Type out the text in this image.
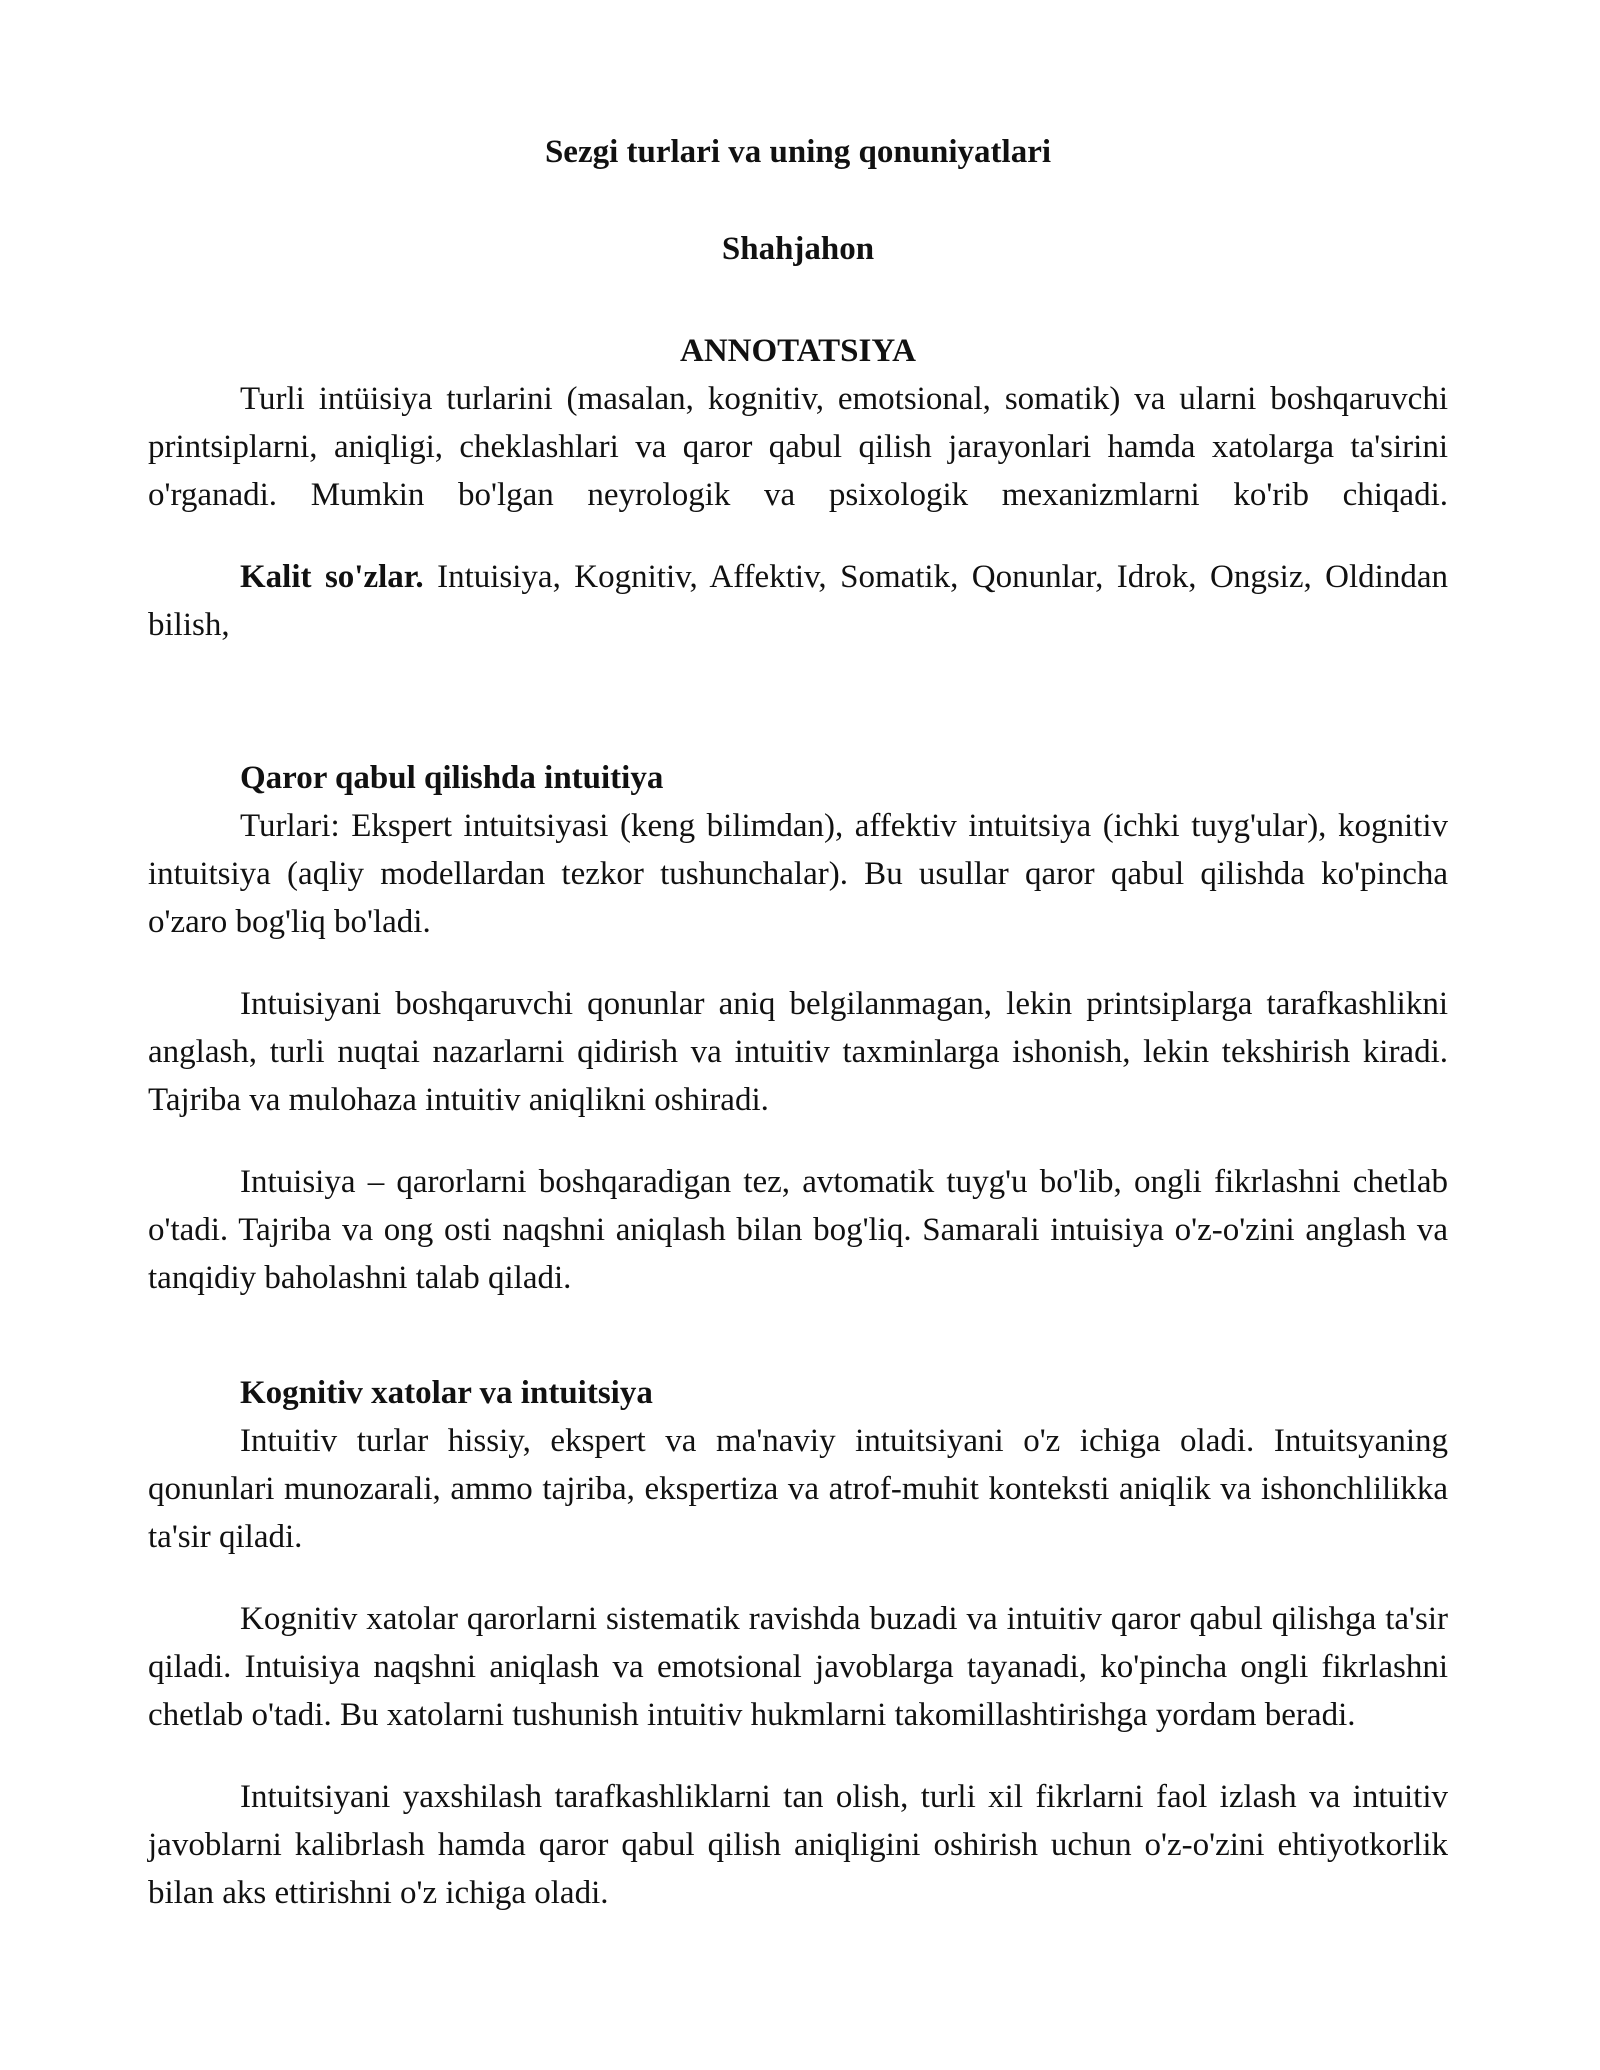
Sezgi turlari va uning qonuniyatlari
Shahjahon
ANNOTATSIYA

Turli intüisiya turlarini (masalan, kognitiv, emotsional, somatik) va ularni boshqaruvchi printsiplarni, aniqligi, cheklashlari va qaror qabul qilish jarayonlari hamda xatolarga ta'sirini o'rganadi. Mumkin bo'lgan neyrologik va psixologik mexanizmlarni ko'rib chiqadi.

Kalit so'zlar. Intuisiya, Kognitiv, Affektiv, Somatik, Qonunlar, Idrok, Ongsiz, Oldindan bilish,

Qaror qabul qilishda intuitiya

Turlari: Ekspert intuitsiyasi (keng bilimdan), affektiv intuitsiya (ichki tuyg'ular), kognitiv intuitsiya (aqliy modellardan tezkor tushunchalar). Bu usullar qaror qabul qilishda ko'pincha o'zaro bog'liq bo'ladi.

Intuisiyani boshqaruvchi qonunlar aniq belgilanmagan, lekin printsiplarga tarafkashlikni anglash, turli nuqtai nazarlarni qidirish va intuitiv taxminlarga ishonish, lekin tekshirish kiradi. Tajriba va mulohaza intuitiv aniqlikni oshiradi.

Intuisiya – qarorlarni boshqaradigan tez, avtomatik tuyg'u bo'lib, ongli fikrlashni chetlab o'tadi. Tajriba va ong osti naqshni aniqlash bilan bog'liq. Samarali intuisiya o'z-o'zini anglash va tanqidiy baholashni talab qiladi.

Kognitiv xatolar va intuitsiya

Intuitiv turlar hissiy, ekspert va ma'naviy intuitsiyani o'z ichiga oladi. Intuitsyaning qonunlari munozarali, ammo tajriba, ekspertiza va atrof-muhit konteksti aniqlik va ishonchlilikka ta'sir qiladi.

Kognitiv xatolar qarorlarni sistematik ravishda buzadi va intuitiv qaror qabul qilishga ta'sir qiladi. Intuisiya naqshni aniqlash va emotsional javoblarga tayanadi, ko'pincha ongli fikrlashni chetlab o'tadi. Bu xatolarni tushunish intuitiv hukmlarni takomillashtirishga yordam beradi.

Intuitsiyani yaxshilash tarafkashliklarni tan olish, turli xil fikrlarni faol izlash va intuitiv javoblarni kalibrlash hamda qaror qabul qilish aniqligini oshirish uchun o'z-o'zini ehtiyotkorlik bilan aks ettirishni o'z ichiga oladi.
